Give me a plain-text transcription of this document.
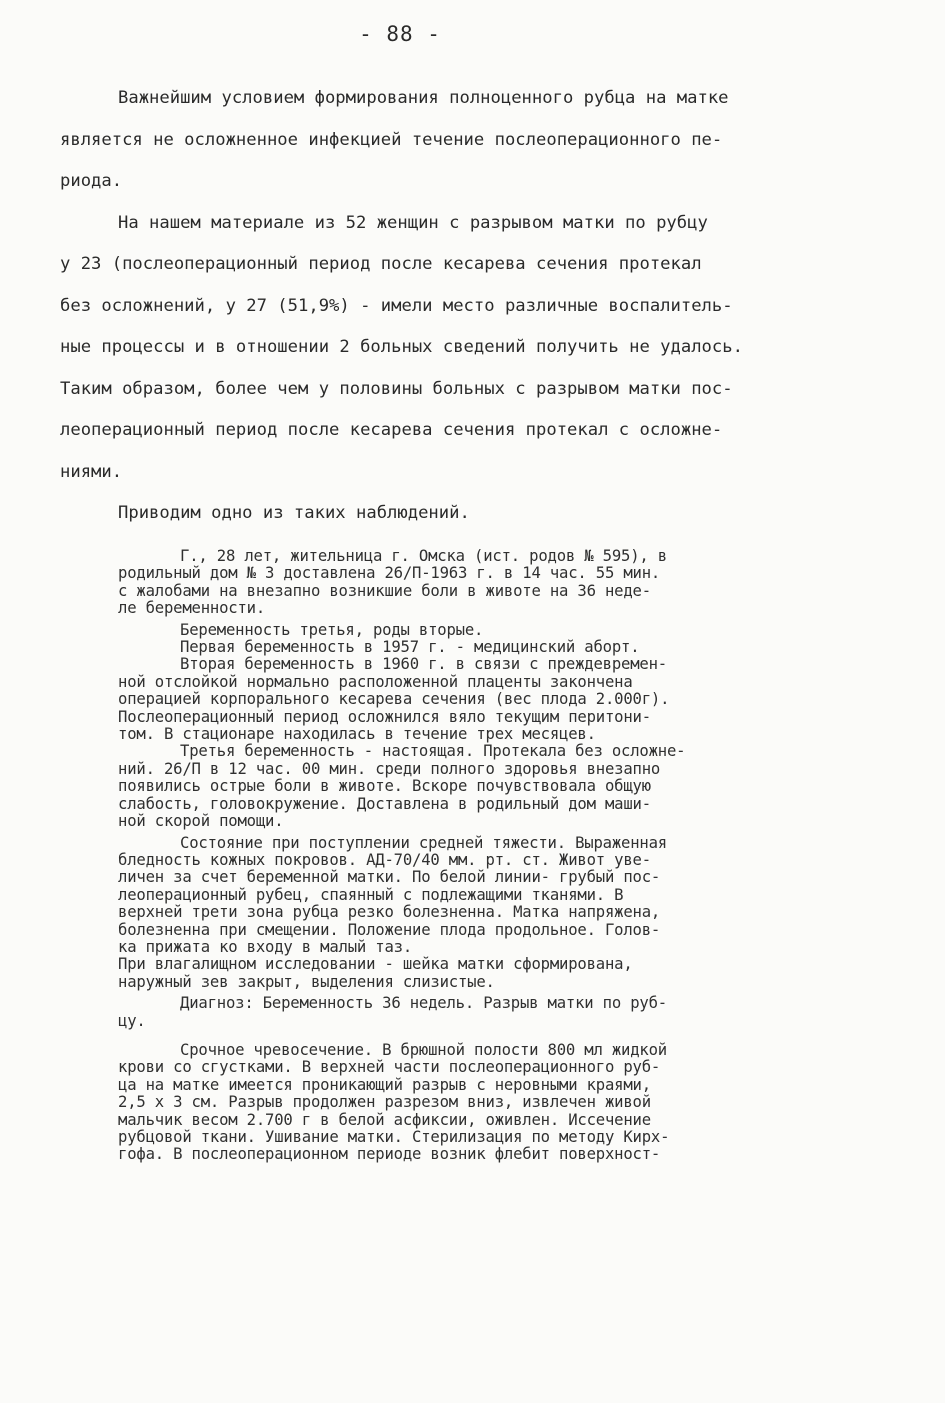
- 88 -

Важнейшим условием формирования полноценного рубца на матке
является не осложненное инфекцией течение послеоперационного пе-
риода.

На нашем материале из 52 женщин с разрывом матки по рубцу
у 23 (послеоперационный период после кесарева сечения протекал
без осложнений, у 27 (51,9%) - имели место различные воспалитель-
ные процессы и в отношении 2 больных сведений получить не удалось.
Таким образом, более чем у половины больных с разрывом матки пос-
леоперационный период после кесарева сечения протекал с осложне-
ниями.

Приводим одно из таких наблюдений.

Г., 28 лет, жительница г. Омска (ист. родов № 595), в
родильный дом № 3 доставлена 26/П-1963 г. в 14 час. 55 мин.
с жалобами на внезапно возникшие боли в животе на 36 неде-
ле беременности.
Беременность третья, роды вторые.
Первая беременность в 1957 г. - медицинский аборт.
Вторая беременность в 1960 г. в связи с преждевремен-
ной отслойкой нормально расположенной плаценты закончена
операцией корпорального кесарева сечения (вес плода 2.000г).
Послеоперационный период осложнился вяло текущим перитони-
том. В стационаре находилась в течение трех месяцев.
Третья беременность - настоящая. Протекала без осложне-
ний. 26/П в 12 час. 00 мин. среди полного здоровья внезапно
появились острые боли в животе. Вскоре почувствовала общую
слабость, головокружение. Доставлена в родильный дом маши-
ной скорой помощи.
Состояние при поступлении средней тяжести. Выраженная
бледность кожных покровов. АД-70/40 мм. рт. ст. Живот уве-
личен за счет беременной матки. По белой линии- грубый пос-
леоперационный рубец, спаянный с подлежащими тканями. В
верхней трети зона рубца резко болезненна. Матка напряжена,
болезненна при смещении. Положение плода продольное. Голов-
ка прижата ко входу в малый таз.
При влагалищном исследовании - шейка матки сформирована,
наружный зев закрыт, выделения слизистые.
Диагноз: Беременность 36 недель. Разрыв матки по руб-
цу.
Срочное чревосечение. В брюшной полости 800 мл жидкой
крови со сгустками. В верхней части послеоперационного руб-
ца на матке имеется проникающий разрыв с неровными краями,
2,5 х 3 см. Разрыв продолжен разрезом вниз, извлечен живой
мальчик весом 2.700 г в белой асфиксии, оживлен. Иссечение
рубцовой ткани. Ушивание матки. Стерилизация по методу Кирх-
гофа. В послеоперационном периоде возник флебит поверхност-
